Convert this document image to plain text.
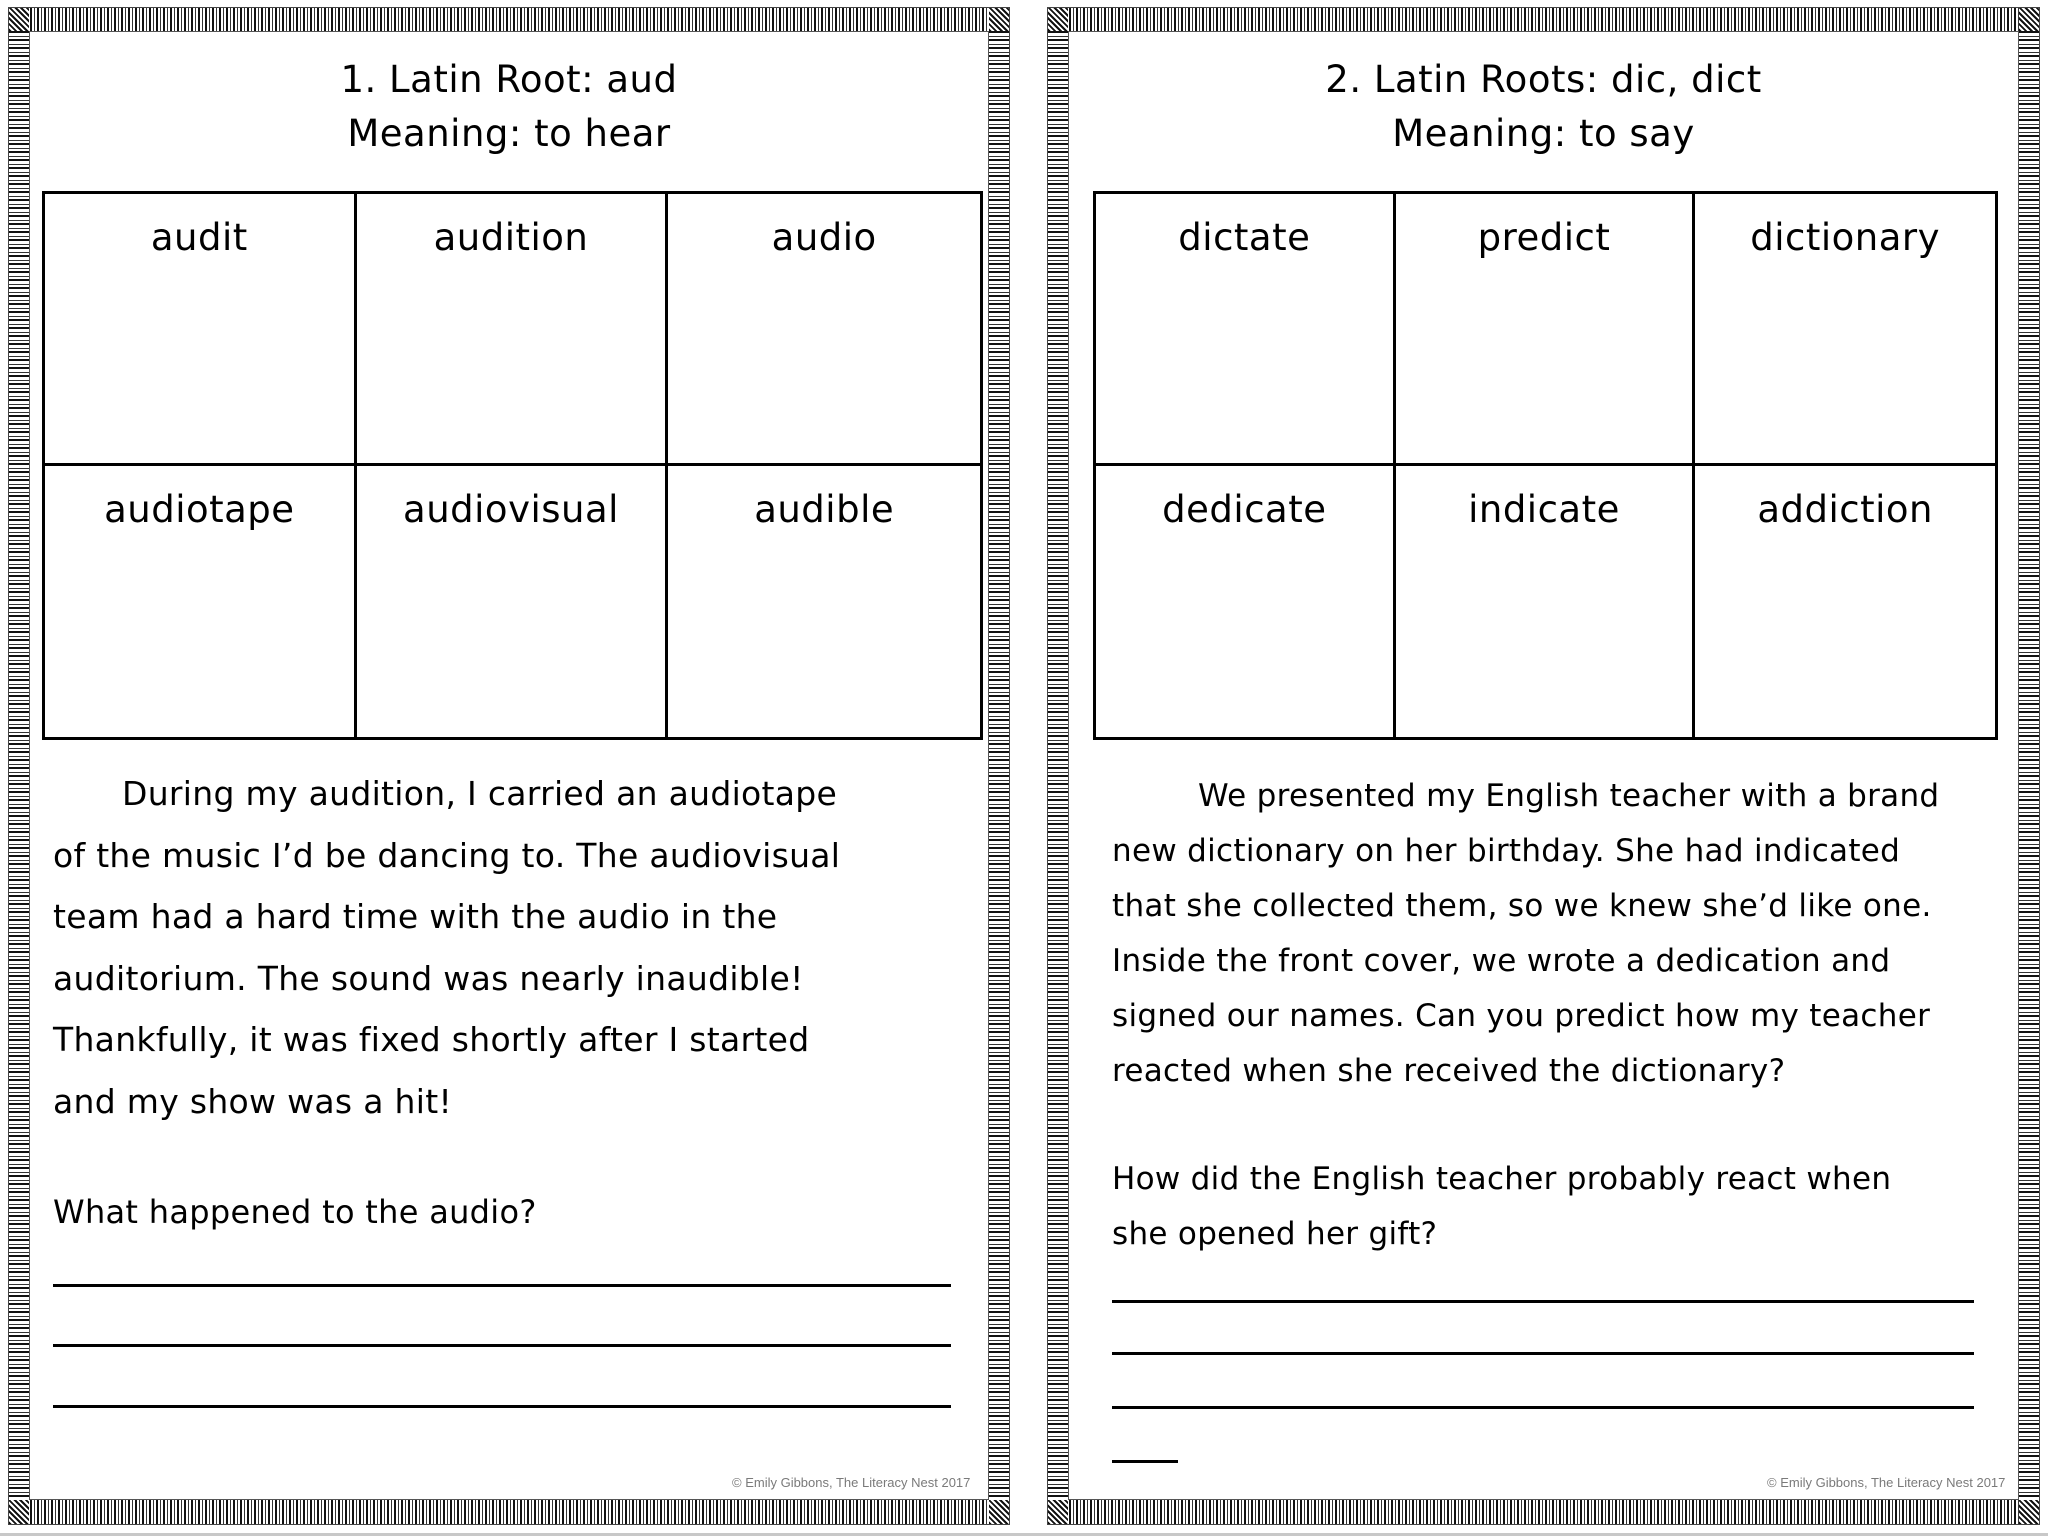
1. Latin Root: aud
Meaning: to hear
audit	audition	audio
audiotape	audiovisual	audible
During my audition, I carried an audiotape
of the music I’d be dancing to. The audiovisual
team had a hard time with the audio in the
auditorium. The sound was nearly inaudible!
Thankfully, it was fixed shortly after I started
and my show was a hit!
What happened to the audio?
© Emily Gibbons, The Literacy Nest 2017
2. Latin Roots: dic, dict
Meaning: to say
dictate	predict	dictionary
dedicate	indicate	addiction
We presented my English teacher with a brand
new dictionary on her birthday. She had indicated
that she collected them, so we knew she’d like one.
Inside the front cover, we wrote a dedication and
signed our names. Can you predict how my teacher
reacted when she received the dictionary?
How did the English teacher probably react when
she opened her gift?
© Emily Gibbons, The Literacy Nest 2017
